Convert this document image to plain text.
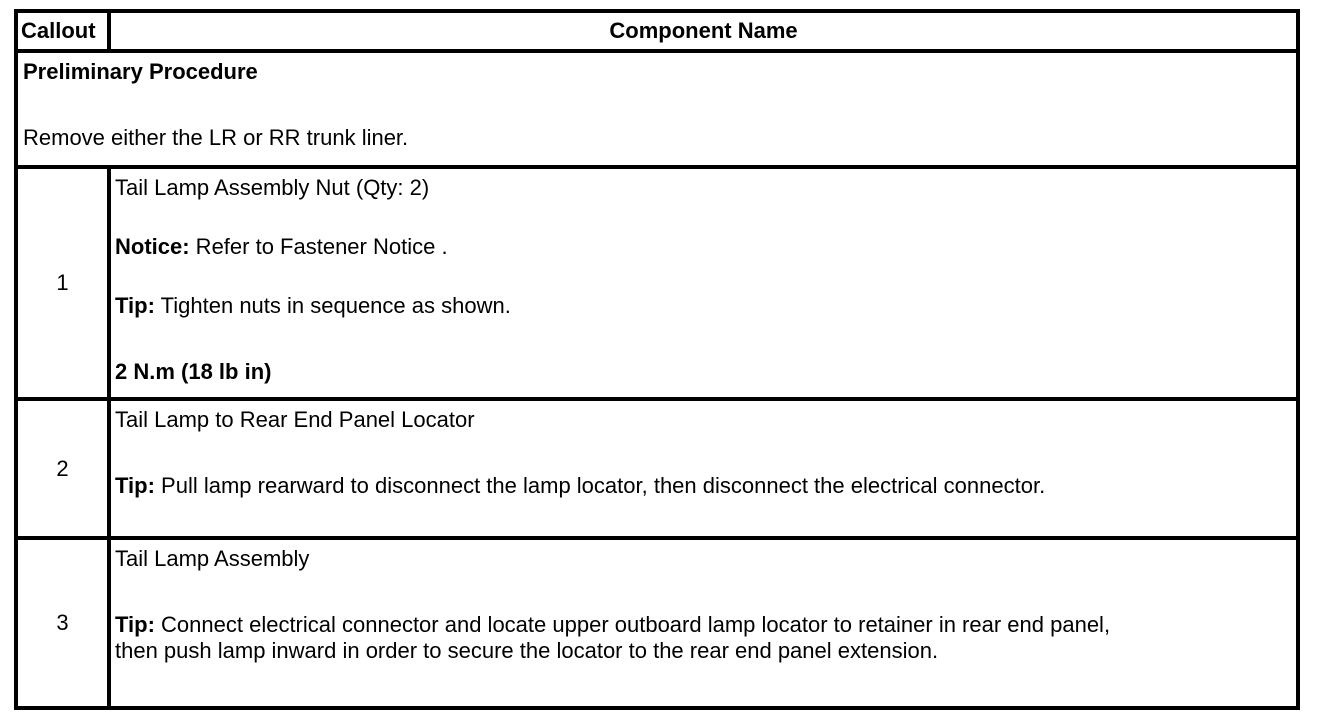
Callout	Component Name

Preliminary Procedure
Remove either the LR or RR trunk liner.	

1	Tail Lamp Assembly Nut (Qty: 2)
Notice: Refer to Fastener Notice .
Tip: Tighten nuts in sequence as shown.
2 N.m (18 lb in)

2	Tail Lamp to Rear End Panel Locator
Tip: Pull lamp rearward to disconnect the lamp locator, then disconnect the electrical connector.

3	Tail Lamp Assembly
Tip: Connect electrical connector and locate upper outboard lamp locator to retainer in rear end panel,
then push lamp inward in order to secure the locator to the rear end panel extension.
